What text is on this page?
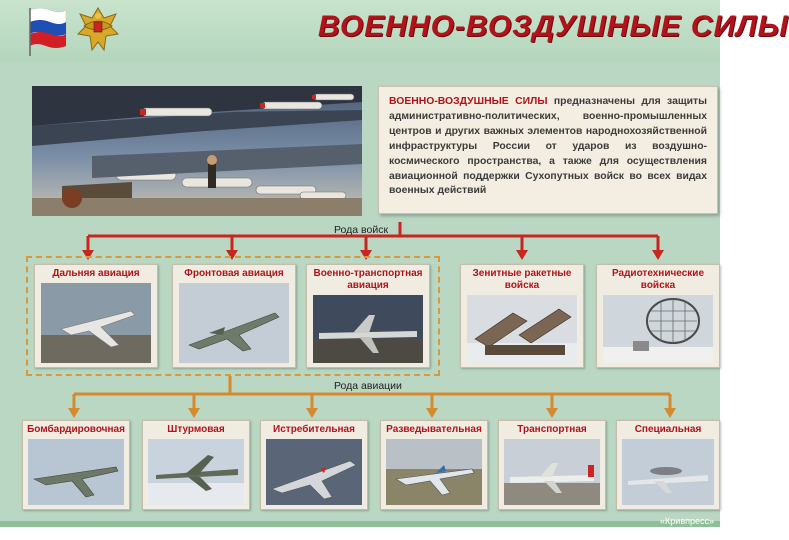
ВОЕННО-ВОЗДУШНЫЕ СИЛЫ
ВОЕННО-ВОЗДУШНЫЕ СИЛЫ предназначены для защиты административно-политических, военно-промышленных центров и других важных элементов народнохозяйственной инфраструктуры России от ударов из воздушно-космического пространства, а также для осуществления авиационной поддержки Сухопутных войск во всех видах военных действий
Рода войск
Рода авиации
Дальняя авиация	Фронтовая авиация	Военно-транспортная авиация
Зенитные ракетные войска
Радиотехнические войска
Бомбардировочная	Штурмовая	Истребительная	Разведывательная	Транспортная	Специальная
«Кривпресс»
